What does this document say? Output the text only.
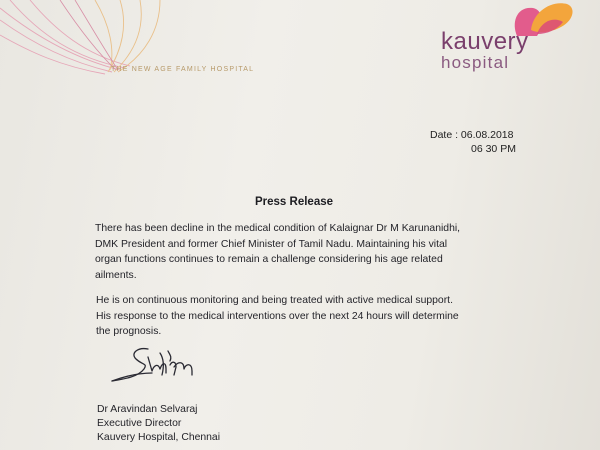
THE NEW AGE FAMILY HOSPITAL
kauvery
hospital
Date : 06.08.2018
06 30 PM
Press Release
There has been decline in the medical condition of Kalaignar Dr M Karunanidhi,
DMK President and former Chief Minister of Tamil Nadu. Maintaining his vital
organ functions continues to remain a challenge considering his age related
ailments.
He is on continuous monitoring and being treated with active medical support.
His response to the medical interventions over the next 24 hours will determine
the prognosis.
Dr Aravindan Selvaraj
Executive Director
Kauvery Hospital, Chennai
